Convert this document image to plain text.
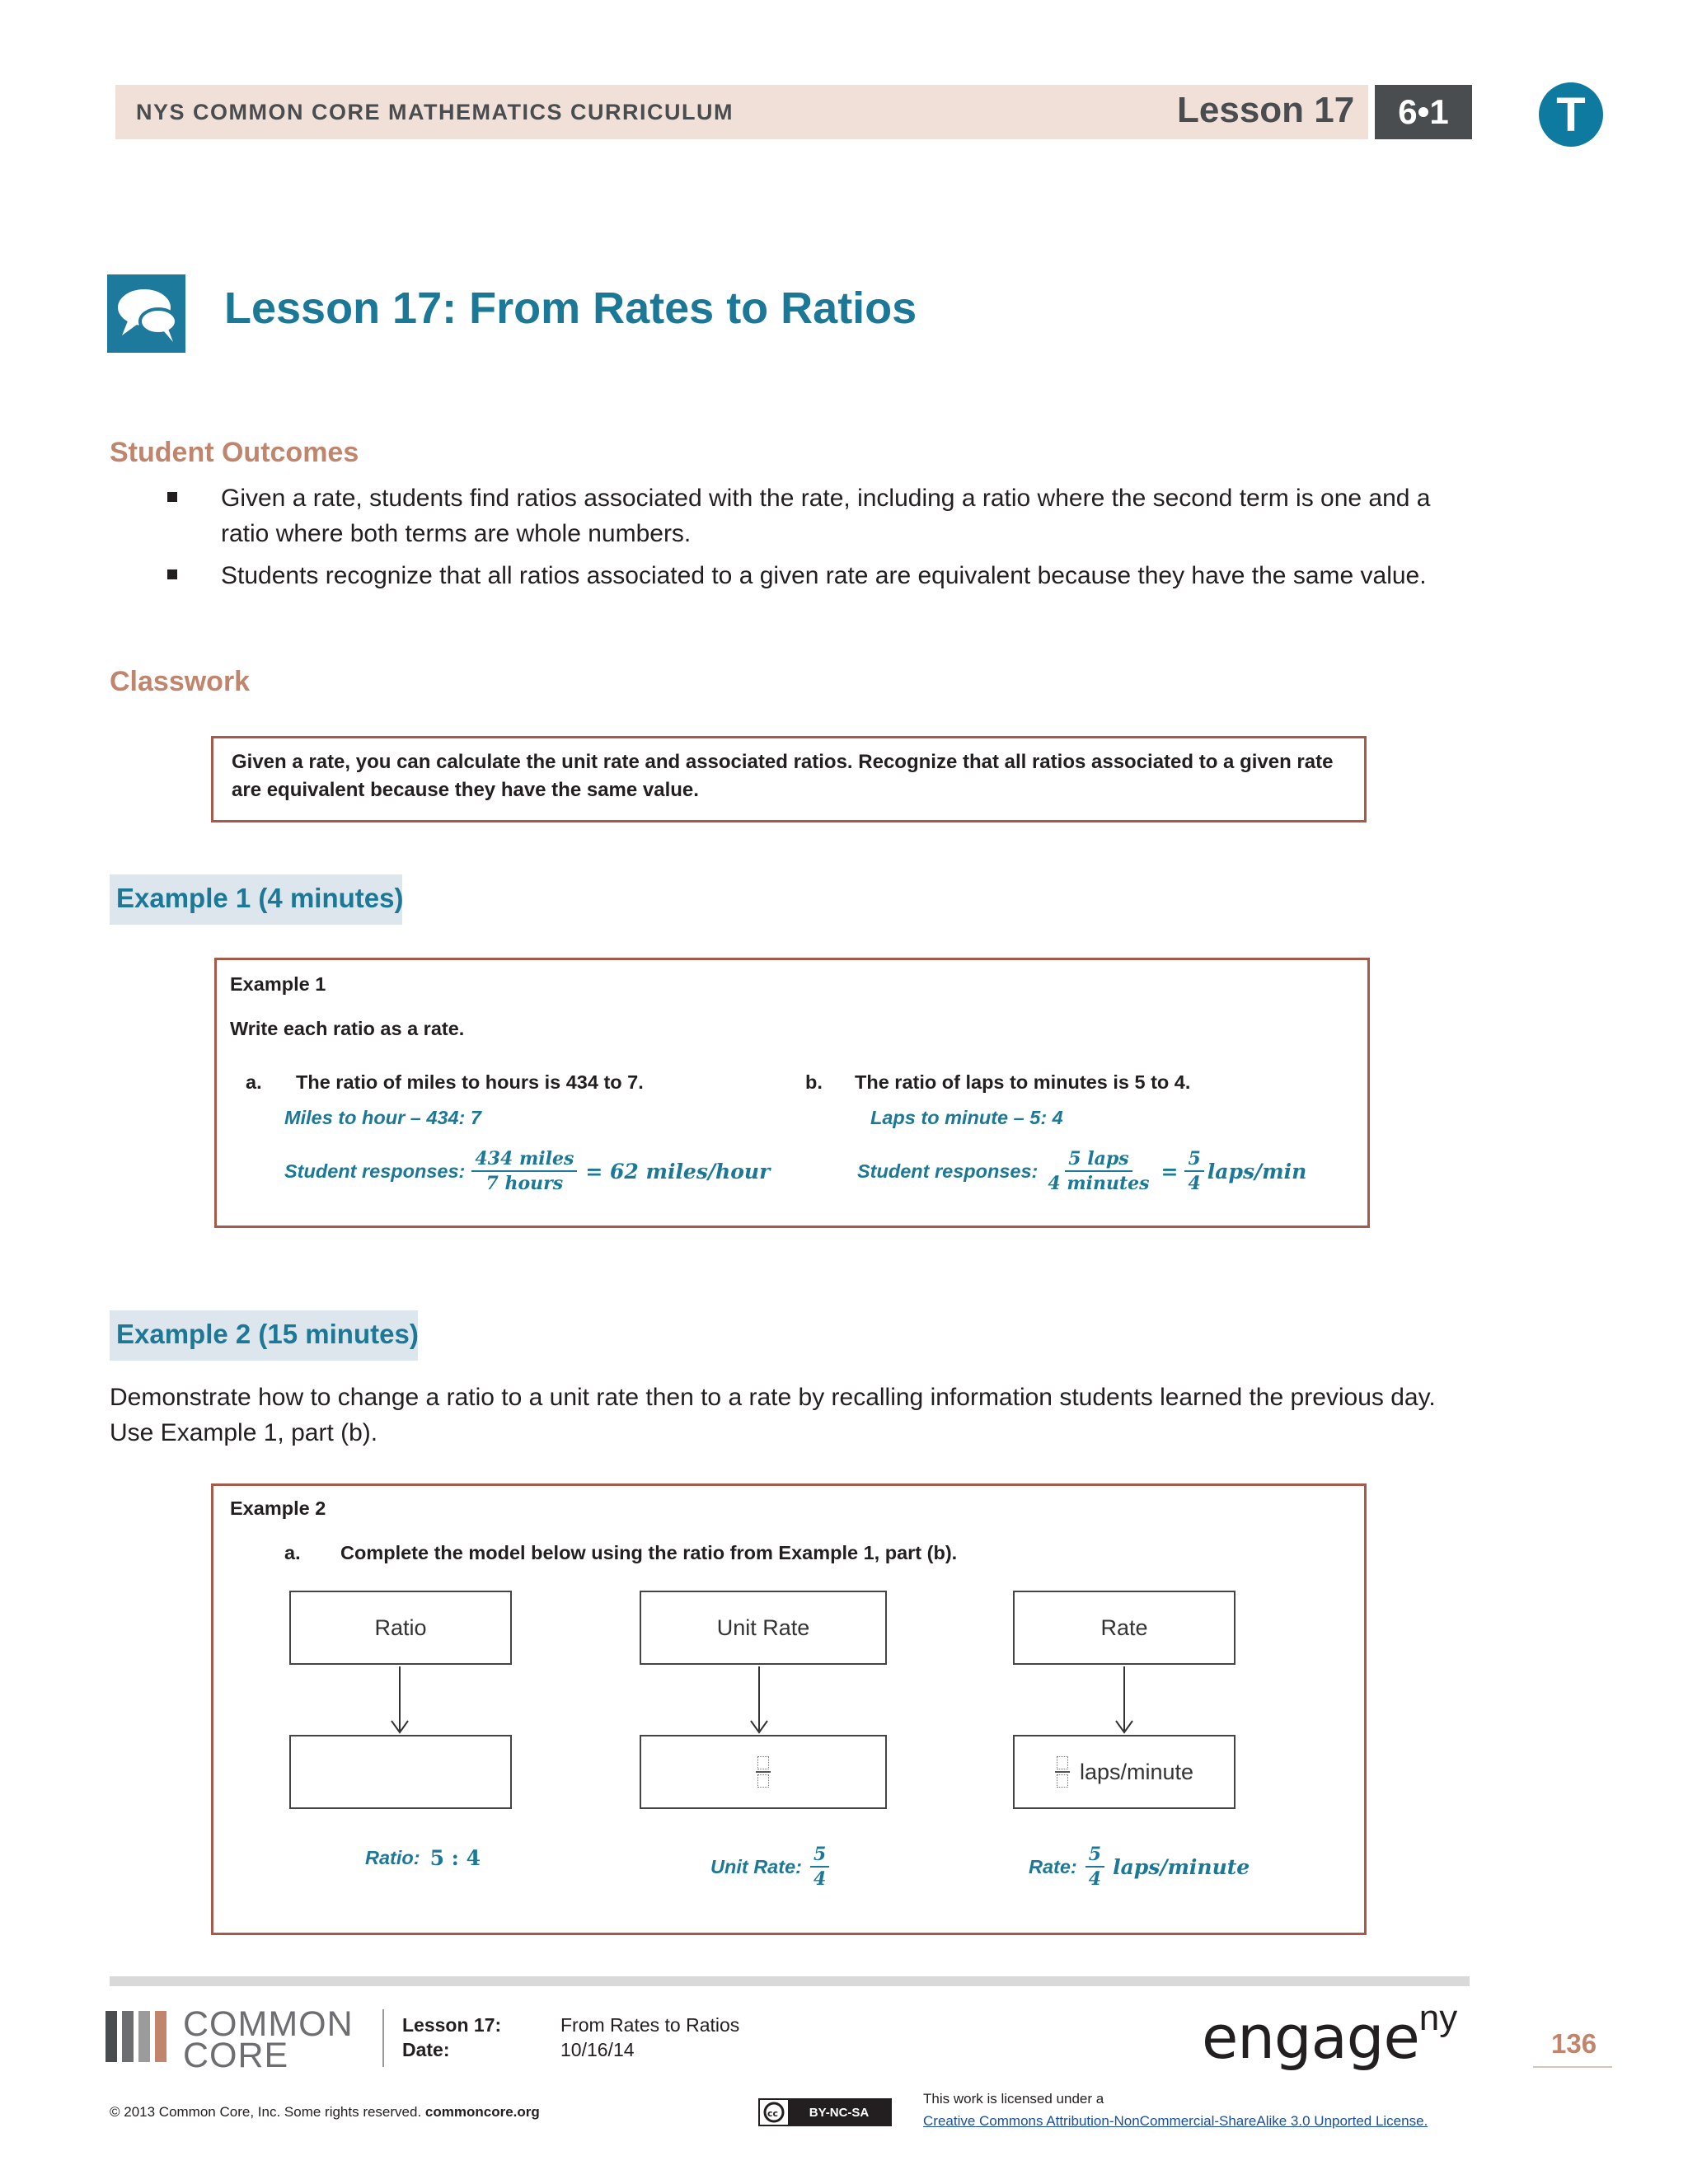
NYS COMMON CORE MATHEMATICS CURRICULUM	Lesson 17	6•1	T
Lesson 17: From Rates to Ratios
Student Outcomes
Given a rate, students find ratios associated with the rate, including a ratio where the second term is one and a ratio where both terms are whole numbers.
Students recognize that all ratios associated to a given rate are equivalent because they have the same value.
Classwork
Given a rate, you can calculate the unit rate and associated ratios. Recognize that all ratios associated to a given rate are equivalent because they have the same value.
Example 1 (4 minutes)
Example 1
Write each ratio as a rate.
a. The ratio of miles to hours is 434 to 7.
Miles to hour – 434: 7
Student responses: $\frac{\text{434 miles}}{\text{7 hours}} = 62$ miles/hour
b. The ratio of laps to minutes is 5 to 4.
Laps to minute – 5: 4
Student responses: $\frac{\text{5 laps}}{\text{4 minutes}} = \frac{5}{4}$ laps/min
Example 2 (15 minutes)
Demonstrate how to change a ratio to a unit rate then to a rate by recalling information students learned the previous day. Use Example 1, part (b).
Example 2
a. Complete the model below using the ratio from Example 1, part (b).
Ratio	Unit Rate	Rate
laps/minute
Ratio: 5 : 4	Unit Rate: $\frac{5}{4}$	Rate: $\frac{5}{4}$ laps/minute
COMMON
CORE
Lesson 17:	From Rates to Ratios
Date:	10/16/14	engage ny
136
© 2013 Common Core, Inc. Some rights reserved. commoncore.org	cc	BY-NC-SA
This work is licensed under a
Creative Commons Attribution-NonCommercial-ShareAlike 3.0 Unported License.
